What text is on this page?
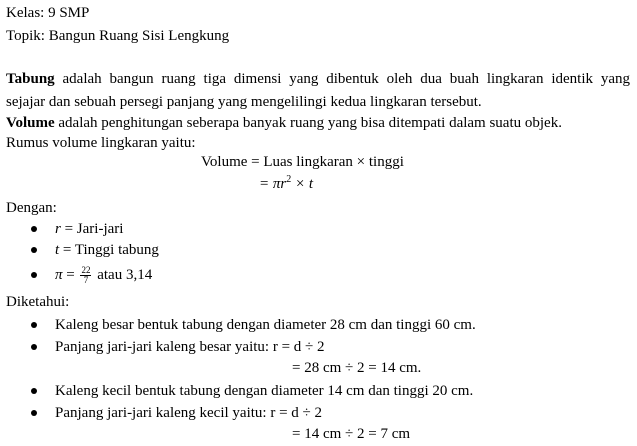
Kelas: 9 SMP
Topik: Bangun Ruang Sisi Lengkung
Tabung adalah bangun ruang tiga dimensi yang dibentuk oleh dua buah lingkaran identik yang
sejajar dan sebuah persegi panjang yang mengelilingi kedua lingkaran tersebut.
Volume adalah penghitungan seberapa banyak ruang yang bisa ditempati dalam suatu objek.
Rumus volume lingkaran yaitu:
Volume = Luas lingkaran × tinggi
= $\pi r^2 \times t$
Dengan:
r = Jari-jari
t = Tinggi tabung
$\pi = \frac{22}{7}$ atau 3,14
Diketahui:
Kaleng besar bentuk tabung dengan diameter 28 cm dan tinggi 60 cm.
Panjang jari-jari kaleng besar yaitu: r = d ÷ 2
= 28 cm ÷ 2 = 14 cm.
Kaleng kecil bentuk tabung dengan diameter 14 cm dan tinggi 20 cm.
Panjang jari-jari kaleng kecil yaitu: r = d ÷ 2
= 14 cm ÷ 2 = 7 cm
